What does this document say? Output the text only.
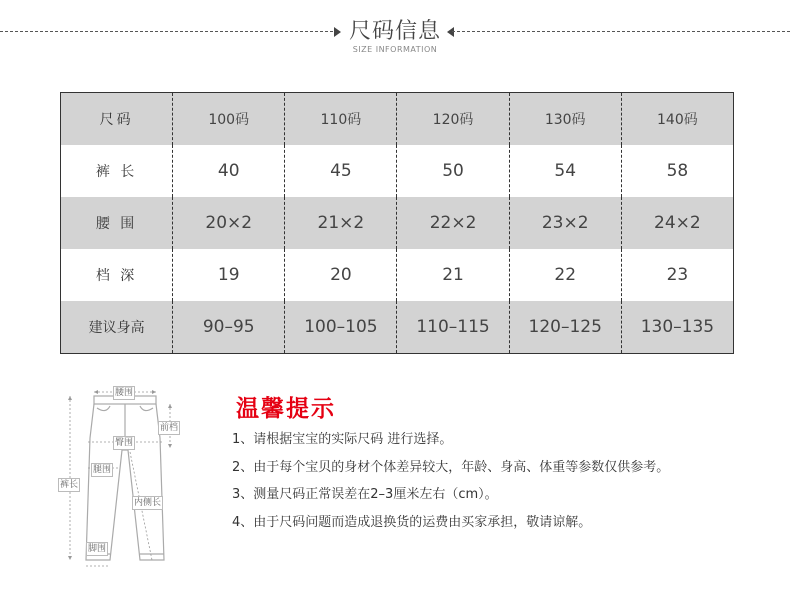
尺码信息
SIZE INFORMATION
尺码	100码	110码	120码	130码	140码
裤 长	40	45	50	54	58
腰 围	20×2	21×2	22×2	23×2	24×2
档 深	19	20	21	22	23
建议身高	90–95	100–105	110–115	120–125	130–135
腰围
前档
臀围
腿围
裤长
内侧长
脚围
温馨提示
1、请根据宝宝的实际尺码 进行选择。
2、由于每个宝贝的身材个体差异较大，年龄、身高、体重等参数仅供参考。
3、测量尺码正常误差在2–3厘米左右（cm）。
4、由于尺码问题而造成退换货的运费由买家承担，敬请谅解。
